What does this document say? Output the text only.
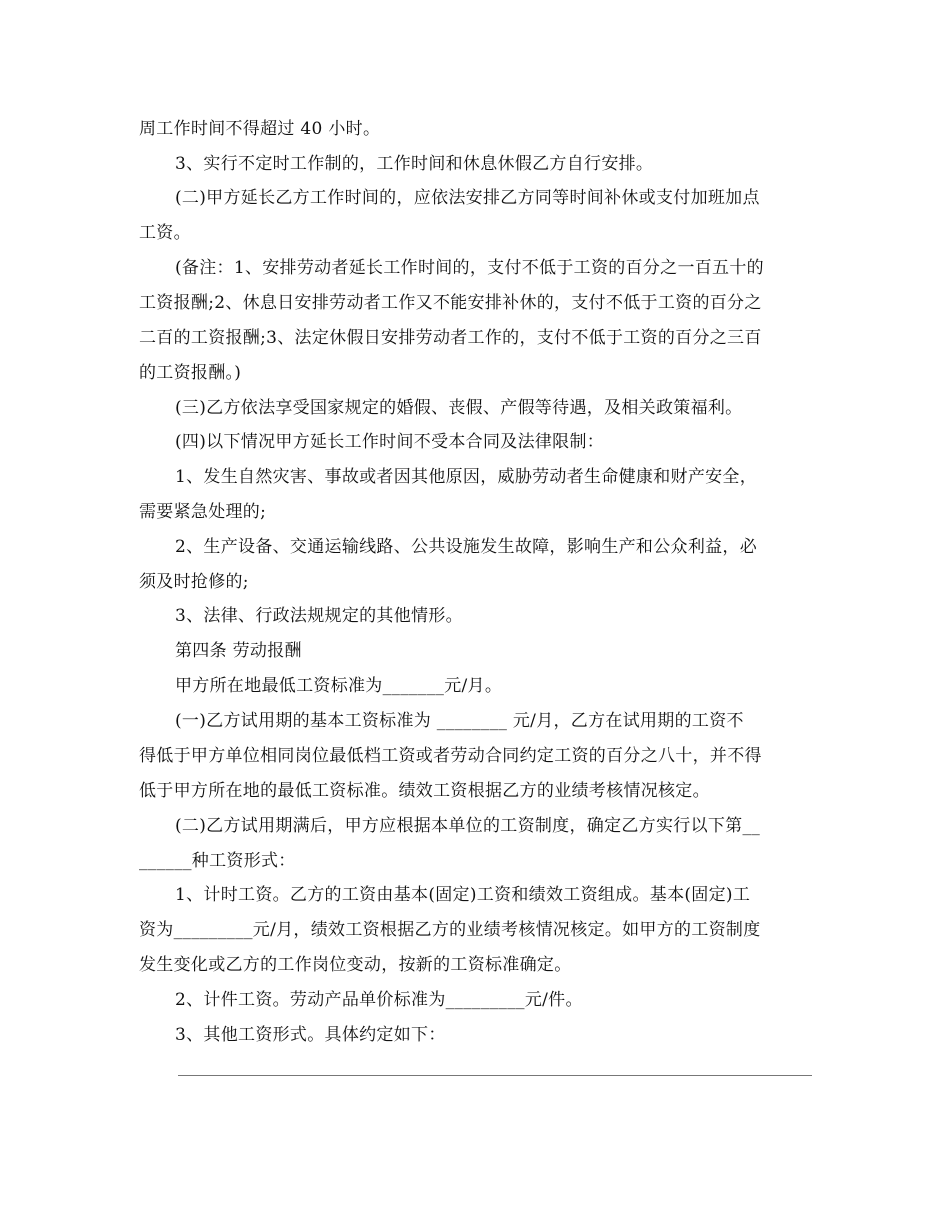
周工作时间不得超过 40 小时。
3、实行不定时工作制的，工作时间和休息休假乙方自行安排。
(二)甲方延长乙方工作时间的，应依法安排乙方同等时间补休或支付加班加点
工资。
(备注：1、安排劳动者延长工作时间的，支付不低于工资的百分之一百五十的
工资报酬;2、休息日安排劳动者工作又不能安排补休的，支付不低于工资的百分之
二百的工资报酬;3、法定休假日安排劳动者工作的，支付不低于工资的百分之三百
的工资报酬。)
(三)乙方依法享受国家规定的婚假、丧假、产假等待遇，及相关政策福利。
(四)以下情况甲方延长工作时间不受本合同及法律限制：
1、发生自然灾害、事故或者因其他原因，威胁劳动者生命健康和财产安全，
需要紧急处理的;
2、生产设备、交通运输线路、公共设施发生故障，影响生产和公众利益，必
须及时抢修的;
3、法律、行政法规规定的其他情形。
第四条 劳动报酬
甲方所在地最低工资标准为_______元/月。
(一)乙方试用期的基本工资标准为 ________ 元/月，乙方在试用期的工资不
得低于甲方单位相同岗位最低档工资或者劳动合同约定工资的百分之八十，并不得
低于甲方所在地的最低工资标准。绩效工资根据乙方的业绩考核情况核定。
(二)乙方试用期满后，甲方应根据本单位的工资制度，确定乙方实行以下第__
______种工资形式：
1、计时工资。乙方的工资由基本(固定)工资和绩效工资组成。基本(固定)工
资为_________元/月，绩效工资根据乙方的业绩考核情况核定。如甲方的工资制度
发生变化或乙方的工作岗位变动，按新的工资标准确定。
2、计件工资。劳动产品单价标准为_________元/件。
3、其他工资形式。具体约定如下：
